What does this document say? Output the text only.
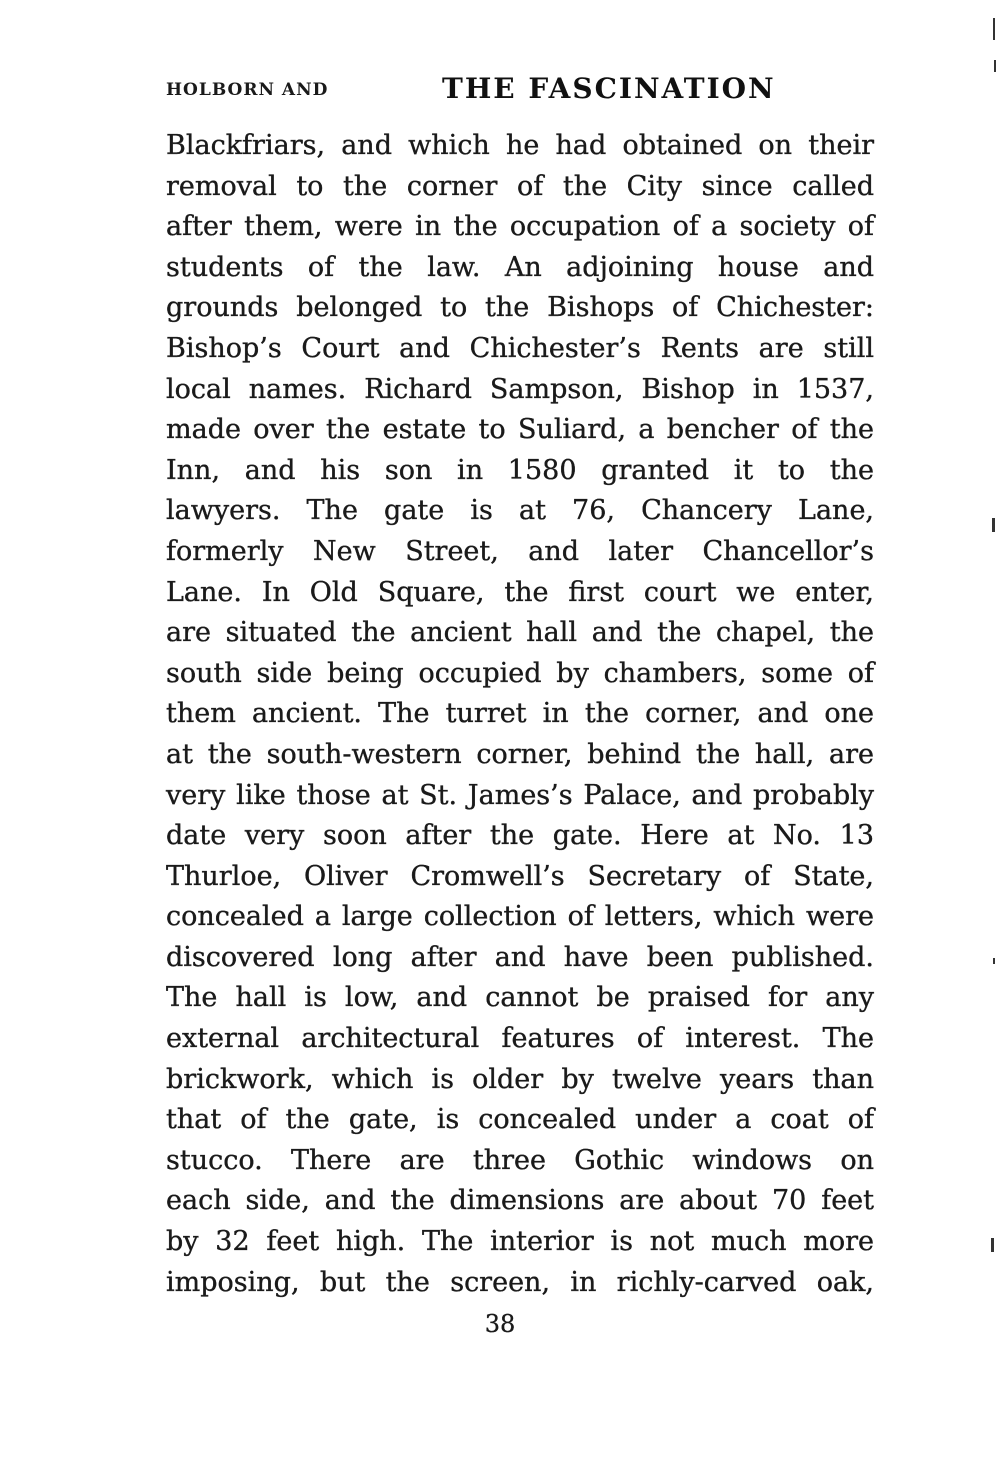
HOLBORN AND	THE FASCINATION
Blackfriars, and which he had obtained on their
removal to the corner of the City since called
after them, were in the occupation of a society of
students of the law. An adjoining house and
grounds belonged to the Bishops of Chichester:
Bishop’s Court and Chichester’s Rents are still
local names. Richard Sampson, Bishop in 1537,
made over the estate to Suliard, a bencher of the
Inn, and his son in 1580 granted it to the
lawyers. The gate is at 76, Chancery Lane,
formerly New Street, and later Chancellor’s
Lane. In Old Square, the first court we enter,
are situated the ancient hall and the chapel, the
south side being occupied by chambers, some of
them ancient. The turret in the corner, and one
at the south-western corner, behind the hall, are
very like those at St. James’s Palace, and probably
date very soon after the gate. Here at No. 13
Thurloe, Oliver Cromwell’s Secretary of State,
concealed a large collection of letters, which were
discovered long after and have been published.
The hall is low, and cannot be praised for any
external architectural features of interest. The
brickwork, which is older by twelve years than
that of the gate, is concealed under a coat of
stucco. There are three Gothic windows on
each side, and the dimensions are about 70 feet
by 32 feet high. The interior is not much more
imposing, but the screen, in richly-carved oak,
38
